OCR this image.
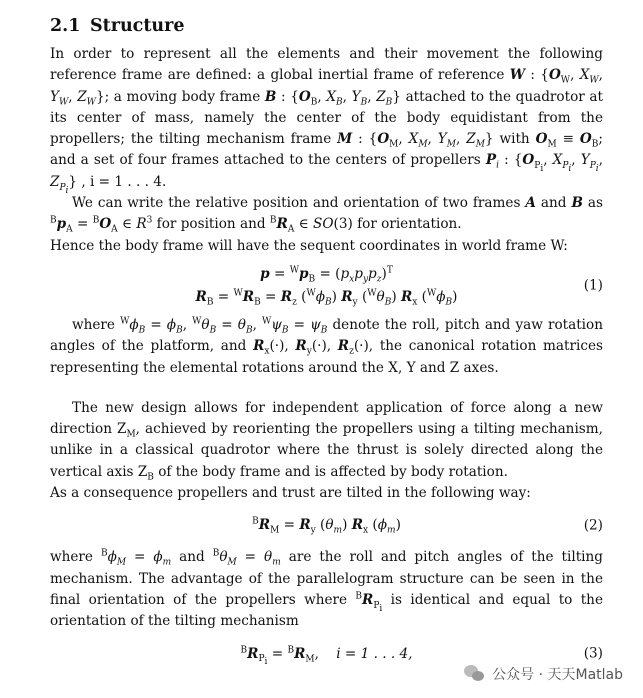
2.1 Structure

In order to represent all the elements and their movement the following reference frame are defined: a global inertial frame of reference W : {$O_W$, $X_W$, $Y_W$, $Z_W$}; a moving body frame B : {$O_B$, $X_B$, $Y_B$, $Z_B$} attached to the quadrotor at its center of mass, namely the center of the body equidistant from the propellers; the tilting mechanism frame M : {$O_M$, $X_M$, $Y_M$, $Z_M$} with $O_M \equiv O_B$; and a set of four frames attached to the centers of propellers $P_i$ : {$O_{P_i}$, $X_{P_i}$, $Y_{P_i}$, $Z_{P_i}$} , i = 1 . . . 4.

We can write the relative position and orientation of two frames A and B as $^Bp_A = ^BO_A$ ∈ $R^3$ for position and $^BR_A$ ∈ SO(3) for orientation.

Hence the body frame will have the sequent coordinates in world frame W:

$p = ^Wp_B = (p_xp_yp_z)^T$
$R_B = ^WR_B = R_z$ $(^W\phi_B)$ $R_y$ $(^W\theta_B)$ $R_x$ $(^W\phi_B)$
(1)

where $^W\phi_B = \phi_B$, $^W\theta_B = \theta_B$, $^W\psi_B = \psi_B$ denote the roll, pitch and yaw rotation angles of the platform, and $R_x(\cdot)$, $R_y(\cdot)$, $R_z(\cdot)$, the canonical rotation matrices representing the elemental rotations around the X, Y and Z axes.

The new design allows for independent application of force along a new direction $Z_M$, achieved by reorienting the propellers using a tilting mechanism, unlike in a classical quadrotor where the thrust is solely directed along the vertical axis $Z_B$ of the body frame and is affected by body rotation.

As a consequence propellers and trust are tilted in the following way:

$^BR_M = R_y$ $(\theta_m)$ $R_x$ $(\phi_m)$	(2)

where $^B\phi_M = \phi_m$ and $^B\theta_M = \theta_m$ are the roll and pitch angles of the tilting mechanism. The advantage of the parallelogram structure can be seen in the final orientation of the propellers where $^BR_{P_i}$ is identical and equal to the orientation of the tilting mechanism

$^BR_{P_i} = ^BR_M$,    i = 1 . . . 4,	(3)
公众号 · 天天Matlab
